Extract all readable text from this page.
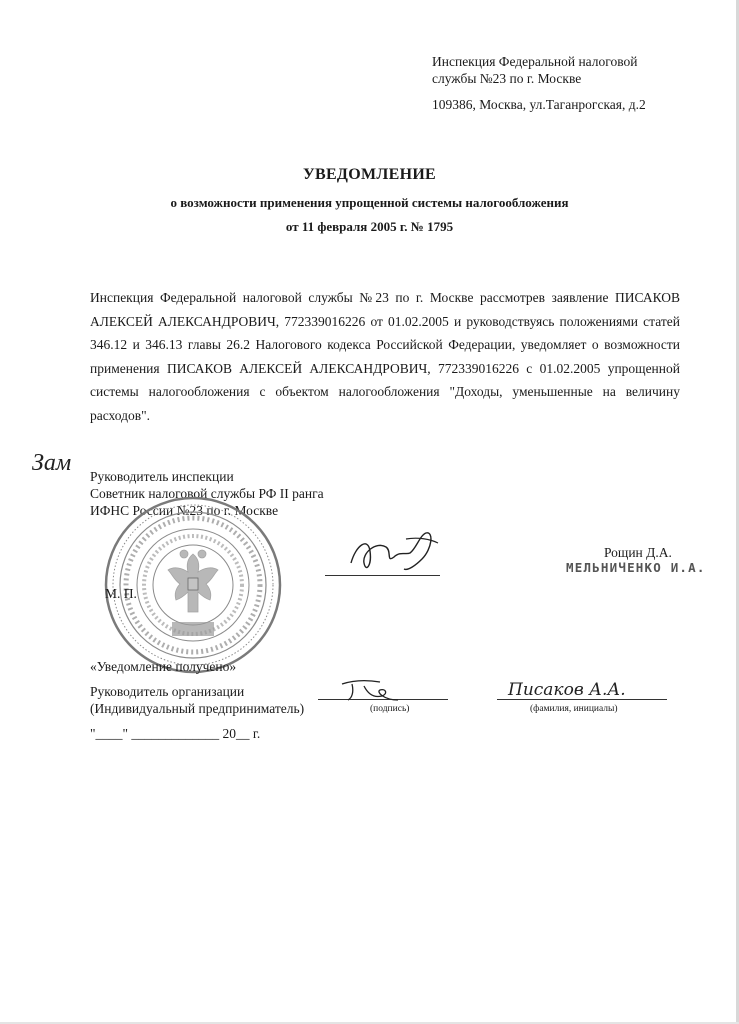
Инспекция Федеральной налоговой
службы №23 по г. Москве
109386, Москва, ул.Таганрогская, д.2
УВЕДОМЛЕНИЕ
о возможности применения упрощенной системы налогообложения
от 11 февраля 2005 г. № 1795
Инспекция Федеральной налоговой службы №23 по г. Москве рассмотрев заявление ПИСАКОВ АЛЕКСЕЙ АЛЕКСАНДРОВИЧ, 772339016226 от 01.02.2005 и руководствуясь положениями статей 346.12 и 346.13 главы 26.2 Налогового кодекса Российской Федерации, уведомляет о возможности применения ПИСАКОВ АЛЕКСЕЙ АЛЕКСАНДРОВИЧ, 772339016226 с 01.02.2005 упрощенной системы налогообложения с объектом налогообложения "Доходы, уменьшенные на величину расходов".
Зам
Руководитель инспекции
Советник налоговой службы РФ II ранга
ИФНС России №23 по г. Москве
Рощин Д.А.
МЕЛЬНИЧЕНКО И.А.
М. П.
«Уведомление получено»
Руководитель организации
(Индивидуальный предприниматель)
Писаков А.А.
(подпись)	(фамилия, инициалы)
"____" _____________ 20__ г.
